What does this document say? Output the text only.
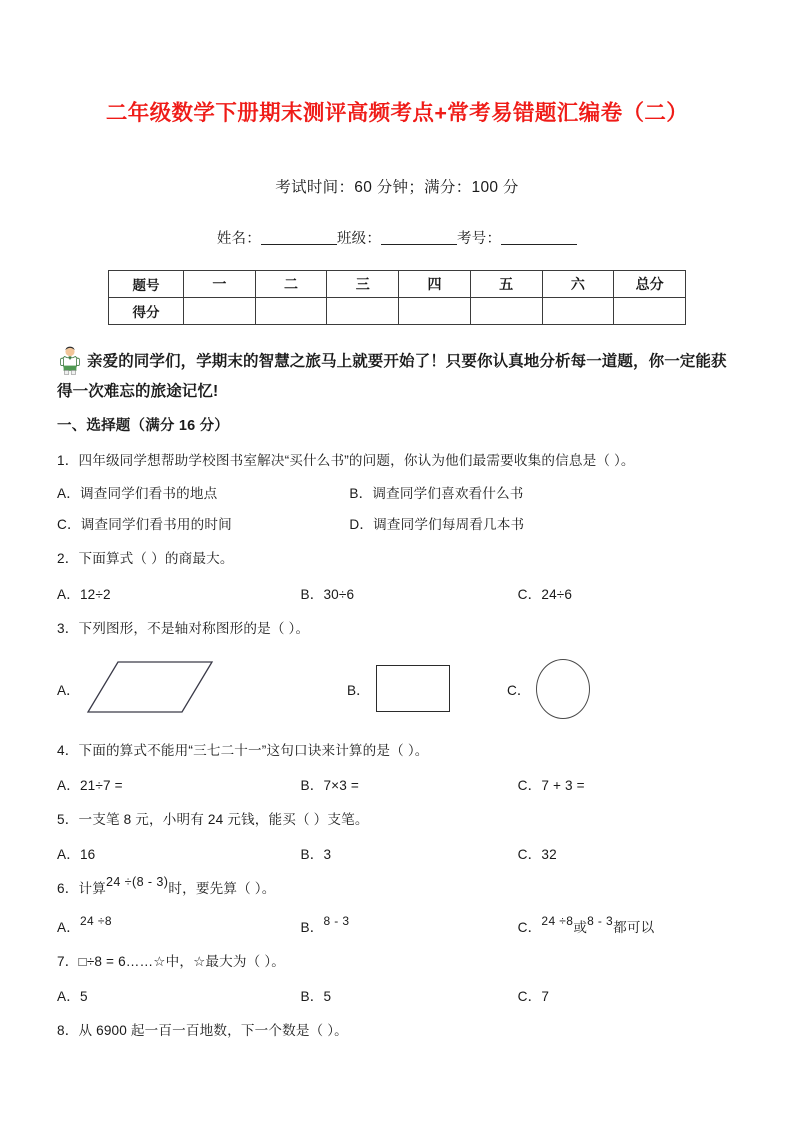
二年级数学下册期末测评高频考点+常考易错题汇编卷（二）
考试时间：60 分钟；满分：100 分
姓名：	班级：	考号：
题号	一	二	三	四	五	六	总分
得分							
亲爱的同学们，学期末的智慧之旅马上就要开始了！只要你认真地分析每一道题，你一定能获得一次难忘的旅途记忆!
一、选择题（满分 16 分）
1．四年级同学想帮助学校图书室解决“买什么书”的问题，你认为他们最需要收集的信息是（ ）。
A．调查同学们看书的地点	B．调查同学们喜欢看什么书
C．调查同学们看书用的时间	D．调查同学们每周看几本书
2．下面算式（ ）的商最大。
A．12÷2	B．30÷6	C．24÷6
3．下列图形，不是轴对称图形的是（ ）。
A．	B．	C．
4．下面的算式不能用“三七二十一”这句口诀来计算的是（ ）。
A．21÷7 =	B．7×3 =	C．7 + 3 =
5．一支笔 8 元，小明有 24 元钱，能买（ ）支笔。
A．16	B．3	C．32
6．计算24 ÷(8 - 3)时，要先算（ ）。
A．24 ÷8	B．8 - 3	C．24 ÷8或8 - 3都可以
7．□÷8 = 6……☆中，☆最大为（ ）。
A．5	B．5	C．7
8．从 6900 起一百一百地数，下一个数是（ ）。
